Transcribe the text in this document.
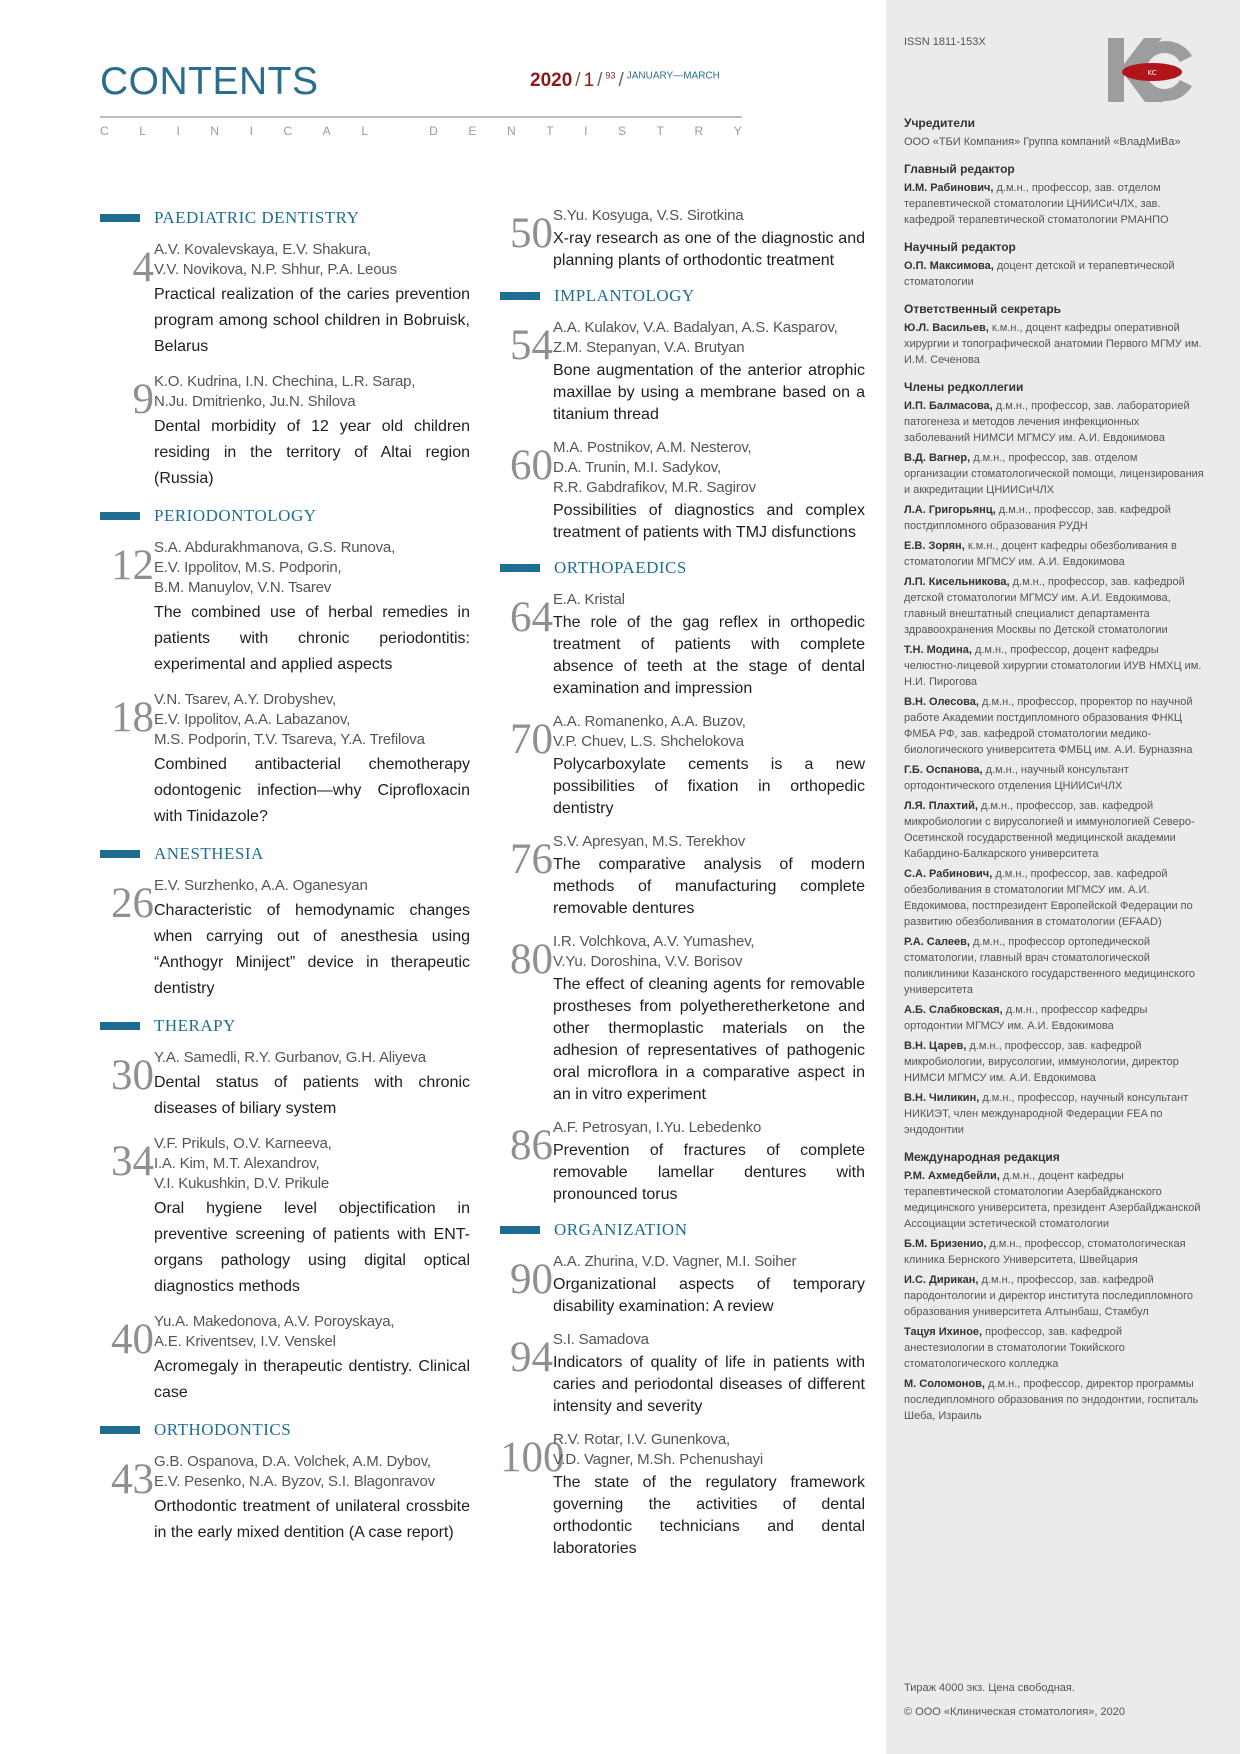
CONTENTS	2020 / 1 / $^{93}$ / $^{JANUARY—MARCH}$
C	L	I	N	I	C	A	L	D	E	N	T	I	S	T	R	Y
PAEDIATRIC DENTISTRY
4 A.V. Kovalevskaya, E.V. Shakura,
V.V. Novikova, N.P. Shhur, P.A. Leous
Practical realization of the caries prevention program among school children in Bobruisk, Belarus
9 K.O. Kudrina, I.N. Chechina, L.R. Sarap,
N.Ju. Dmitrienko, Ju.N. Shilova
Dental morbidity of 12 year old children residing in the territory of Altai region (Russia)
PERIODONTOLOGY
12 S.A. Abdurakhmanova, G.S. Runova,
E.V. Ippolitov, M.S. Podporin,
B.M. Manuylov, V.N. Tsarev
The combined use of herbal remedies in patients with chronic periodontitis: experimental and applied aspects
18 V.N. Tsarev, A.Y. Drobyshev,
E.V. Ippolitov, A.A. Labazanov,
M.S. Podporin, T.V. Tsareva, Y.A. Trefilova
Combined antibacterial chemotherapy odontogenic infection—why Ciprofloxacin with Tinidazole?
ANESTHESIA
26 E.V. Surzhenko, A.A. Oganesyan
Characteristic of hemodynamic changes when carrying out of anesthesia using “Anthogyr Miniject” device in therapeutic dentistry
THERAPY
30 Y.A. Samedli, R.Y. Gurbanov, G.H. Aliyeva
Dental status of patients with chronic diseases of biliary system
34 V.F. Prikuls, O.V. Karneeva,
I.A. Kim, M.T. Alexandrov,
V.I. Kukushkin, D.V. Prikule
Oral hygiene level objectification in preventive screening of patients with ENT-organs pathology using digital optical diagnostics methods
40 Yu.A. Makedonova, A.V. Poroyskaya,
A.E. Kriventsev, I.V. Venskel
Acromegaly in therapeutic dentistry. Clinical case
ORTHODONTICS
43 G.B. Ospanova, D.A. Volchek, A.M. Dybov,
E.V. Pesenko, N.A. Byzov, S.I. Blagonravov
Orthodontic treatment of unilateral crossbite in the early mixed dentition (A case report)
50 S.Yu. Kosyuga, V.S. Sirotkina
X-ray research as one of the diagnostic and planning plants of orthodontic treatment
IMPLANTOLOGY
54 A.A. Kulakov, V.A. Badalyan, A.S. Kasparov,
Z.M. Stepanyan, V.A. Brutyan
Bone augmentation of the anterior atrophic maxillae by using a membrane based on a titanium thread
60 M.A. Postnikov, A.M. Nesterov,
D.A. Trunin, M.I. Sadykov,
R.R. Gabdrafikov, M.R. Sagirov
Possibilities of diagnostics and complex treatment of patients with TMJ disfunctions
ORTHOPAEDICS
64 E.A. Kristal
The role of the gag reflex in orthopedic treatment of patients with complete absence of teeth at the stage of dental examination and impression
70 A.A. Romanenko, A.A. Buzov,
V.P. Chuev, L.S. Shchelokova
Polycarboxylate cements is a new possibilities of fixation in orthopedic dentistry
76 S.V. Apresyan, M.S. Terekhov
The comparative analysis of modern methods of manufacturing complete removable dentures
80 I.R. Volchkova, A.V. Yumashev,
V.Yu. Doroshina, V.V. Borisov
The effect of cleaning agents for removable prostheses from polyetheretherketone and other thermoplastic materials on the adhesion of representatives of pathogenic oral microflora in a comparative aspect in an in vitro experiment
86 A.F. Petrosyan, I.Yu. Lebedenko
Prevention of fractures of complete removable lamellar dentures with pronounced torus
ORGANIZATION
90 A.A. Zhurina, V.D. Vagner, M.I. Soiher
Organizational aspects of temporary disability examination: A review
94 S.I. Samadova
Indicators of quality of life in patients with caries and periodontal diseases of different intensity and severity
100
R.V. Rotar, I.V. Gunenkova,
V.D. Vagner, M.Sh. Pchenushayi
The state of the regulatory framework governing the activities of dental orthodontic technicians and dental laboratories
ISSN 1811-153X
KC
Учредители
ООО «ТБИ Компания» Группа компаний «ВладМиВа»
Главный редактор
И.М. Рабинович, д.м.н., профессор, зав. отделом терапевтической стоматологии ЦНИИСиЧЛХ, зав. кафедрой терапевтической стоматологии РМАНПО
Научный редактор
О.П. Максимова, доцент детской и терапевтической стоматологии
Ответственный секретарь
Ю.Л. Васильев, к.м.н., доцент кафедры оперативной хирургии и топографической анатомии Первого МГМУ им. И.М. Сеченова
Члены редколлегии
И.П. Балмасова, д.м.н., профессор, зав. лабораторией патогенеза и методов лечения инфекционных заболеваний НИМСИ МГМСУ им. А.И. Евдокимова
В.Д. Вагнер, д.м.н., профессор, зав. отделом организации стоматологической помощи, лицензирования и аккредитации ЦНИИСиЧЛХ
Л.А. Григорьянц, д.м.н., профессор, зав. кафедрой постдипломного образования РУДН
Е.В. Зорян, к.м.н., доцент кафедры обезболивания в стоматологии МГМСУ им. А.И. Евдокимова
Л.П. Кисельникова, д.м.н., профессор, зав. кафедрой детской стоматологии МГМСУ им. А.И. Евдокимова, главный внештатный специалист департамента здравоохранения Москвы по Детской стоматологии
Т.Н. Модина, д.м.н., профессор, доцент кафедры челюстно-лицевой хирургии стоматологии ИУВ НМХЦ им. Н.И. Пирогова
В.Н. Олесова, д.м.н., профессор, проректор по научной работе Академии постдипломного образования ФНКЦ ФМБА РФ, зав. кафедрой стоматологии медико-биологического университета ФМБЦ им. А.И. Бурназяна
Г.Б. Оспанова, д.м.н., научный консультант ортодонтического отделения ЦНИИСиЧЛХ
Л.Я. Плахтий, д.м.н., профессор, зав. кафедрой микробиологии с вирусологией и иммунологией Северо-Осетинской государственной медицинской академии Кабардино-Балкарского университета
С.А. Рабинович, д.м.н., профессор, зав. кафедрой обезболивания в стоматологии МГМСУ им. А.И. Евдокимова, постпрезидент Европейской Федерации по развитию обезболивания в стоматологии (EFAAD)
Р.А. Салеев, д.м.н., профессор ортопедической стоматологии, главный врач стоматологической поликлиники Казанского государственного медицинского университета
А.Б. Слабковская, д.м.н., профессор кафедры ортодонтии МГМСУ им. А.И. Евдокимова
В.Н. Царев, д.м.н., профессор, зав. кафедрой микробиологии, вирусологии, иммунологии, директор НИМСИ МГМСУ им. А.И. Евдокимова
В.Н. Чиликин, д.м.н., профессор, научный консультант НИКИЭТ, член международной Федерации FEA по эндодонтии
Международная редакция
Р.М. Ахмедбейли, д.м.н., доцент кафедры терапевтической стоматологии Азербайджанского медицинского университета, президент Азербайджанской Ассоциации эстетической стоматологии
Б.М. Бризенио, д.м.н., профессор, стоматологическая клиника Бернского Университета, Швейцария
И.С. Дирикан, д.м.н., профессор, зав. кафедрой пародонтологии и директор института последипломного образования университета Алтынбаш, Стамбул
Тацуя Ихиное, профессор, зав. кафедрой анестезиологии в стоматологии Токийского стоматологического колледжа
М. Соломонов, д.м.н., профессор, директор программы последипломного образования по эндодонтии, госпиталь Шеба, Израиль
Тираж 4000 экз. Цена свободная.
© ООО «Клиническая стоматология», 2020
